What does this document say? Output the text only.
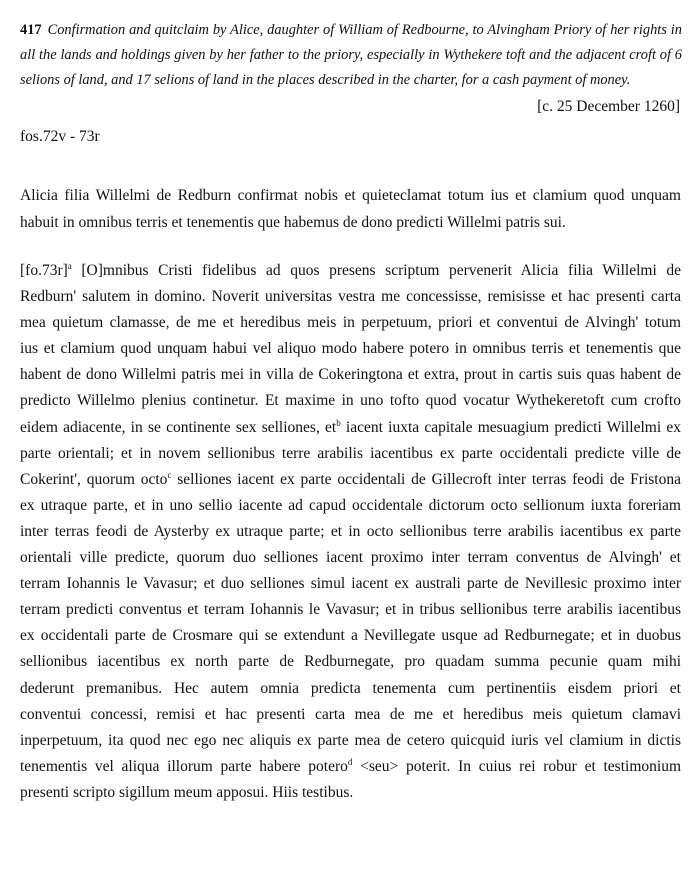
417 Confirmation and quitclaim by Alice, daughter of William of Redbourne, to Alvingham Priory of her rights in all the lands and holdings given by her father to the priory, especially in Wythekere toft and the adjacent croft of 6 selions of land, and 17 selions of land in the places described in the charter, for a cash payment of money.
[c. 25 December 1260]
fos.72v - 73r
Alicia filia Willelmi de Redburn confirmat nobis et quieteclamat totum ius et clamium quod unquam habuit in omnibus terris et tenementis que habemus de dono predicti Willelmi patris sui.
$[fo.73r]^a$ [O]mnibus Cristi fidelibus ad quos presens scriptum pervenerit Alicia filia Willelmi de
Redburn' salutem in domino. Noverit universitas vestra me concessisse, remisisse et hac presenti carta
mea quietum clamasse, de me et heredibus meis in perpetuum, priori et conventui de Alvingh' totum
ius et clamium quod unquam habui vel aliquo modo habere potero in omnibus terris et tenementis que
habent de dono Willelmi patris mei in villa de Cokeringtona et extra, prout in cartis suis quas habent de
predicto Willelmo plenius continetur. Et maxime in uno tofto quod vocatur Wythekeretoft cum crofto
eidem adiacente, in se continente sex selliones, $et^b$ iacent iuxta capitale mesuagium predicti Willelmi ex
parte orientali; et in novem sellionibus terre arabilis iacentibus ex parte occidentali predicte ville de
Cokerint', quorum octo$^c$ selliones iacent ex parte occidentali de Gillecroft inter terras feodi de Fristona
ex utraque parte, et in uno sellio iacente ad capud occidentale dictorum octo sellionum iuxta foreriam
inter terras feodi de Aysterby ex utraque parte; et in octo sellionibus terre arabilis iacentibus ex parte
orientali ville predicte, quorum duo selliones iacent proximo inter terram conventus de Alvingh' et
terram Iohannis le Vavasur; et duo selliones simul iacent ex australi parte de Nevillesic proximo inter
terram predicti conventus et terram Iohannis le Vavasur; et in tribus sellionibus terre arabilis iacentibus
ex occidentali parte de Crosmare qui se extendunt a Nevillegate usque ad Redburnegate; et in duobus
sellionibus iacentibus ex north parte de Redburnegate, pro quadam summa pecunie quam mihi
dederunt premanibus. Hec autem omnia predicta tenementa cum pertinentiis eisdem priori et
conventui concessi, remisi et hac presenti carta mea de me et heredibus meis quietum clamavi
inperpetuum, ita quod nec ego nec aliquis ex parte mea de cetero quicquid iuris vel clamium in dictis
tenementis vel aliqua illorum parte habere potero$^d$ <seu> poterit. In cuius rei robur et testimonium
presenti scripto sigillum meum apposui. Hiis testibus.
